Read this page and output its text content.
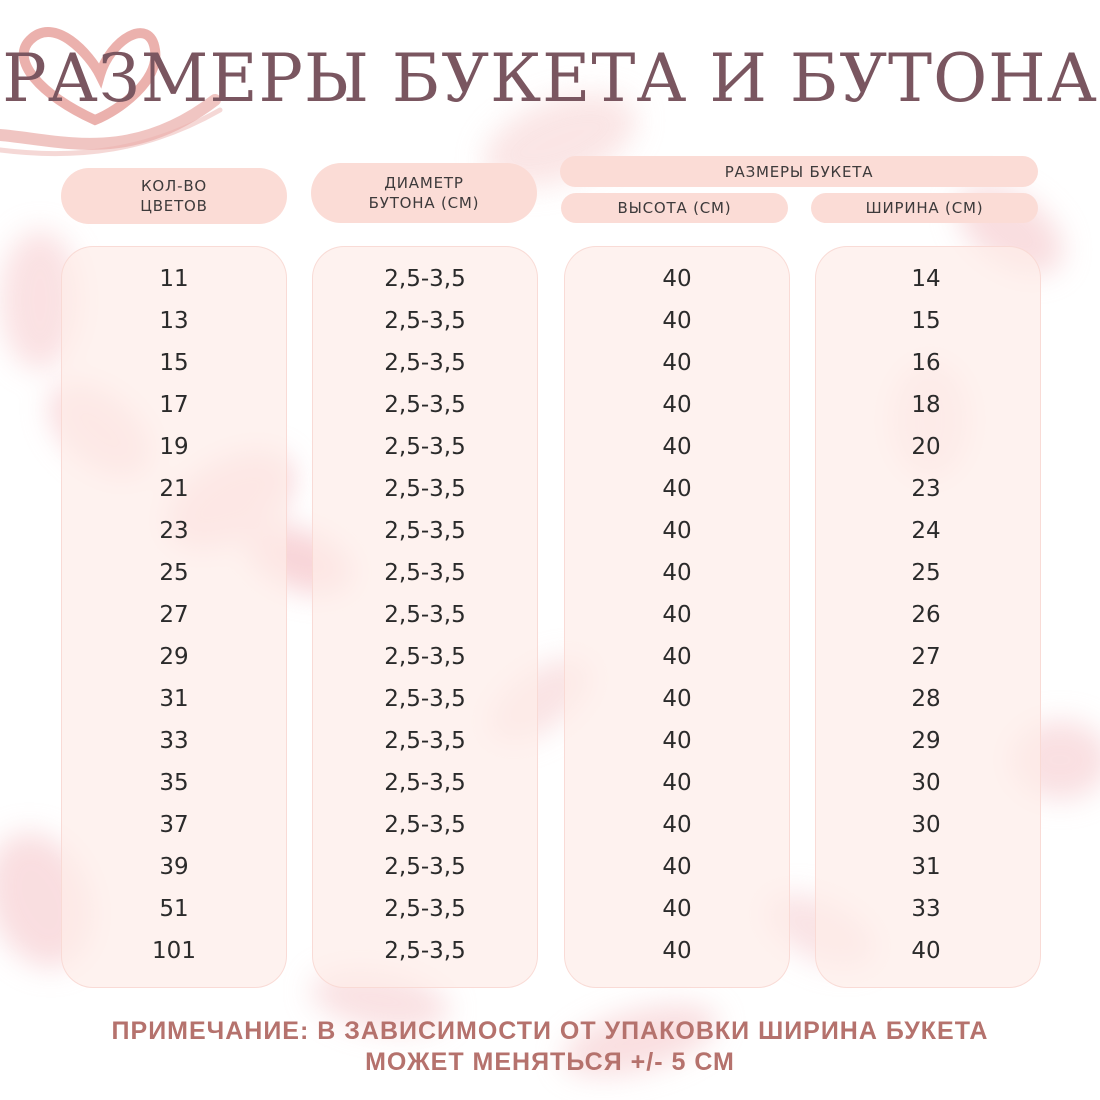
РАЗМЕРЫ БУКЕТА И БУТОНА
КОЛ-ВО
ЦВЕТОВ
ДИАМЕТР
БУТОНА (СМ)
РАЗМЕРЫ БУКЕТА
ВЫСОТА (СМ)	ШИРИНА (СМ)
11
13
15
17
19
21
23
25
27
29
31
33
35
37
39
51
101
2,5-3,5
2,5-3,5
2,5-3,5
2,5-3,5
2,5-3,5
2,5-3,5
2,5-3,5
2,5-3,5
2,5-3,5
2,5-3,5
2,5-3,5
2,5-3,5
2,5-3,5
2,5-3,5
2,5-3,5
2,5-3,5
2,5-3,5
40
40
40
40
40
40
40
40
40
40
40
40
40
40
40
40
40
14
15
16
18
20
23
24
25
26
27
28
29
30
30
31
33
40
ПРИМЕЧАНИЕ: В ЗАВИСИМОСТИ ОТ УПАКОВКИ ШИРИНА БУКЕТА
МОЖЕТ МЕНЯТЬСЯ +/- 5 СМ
